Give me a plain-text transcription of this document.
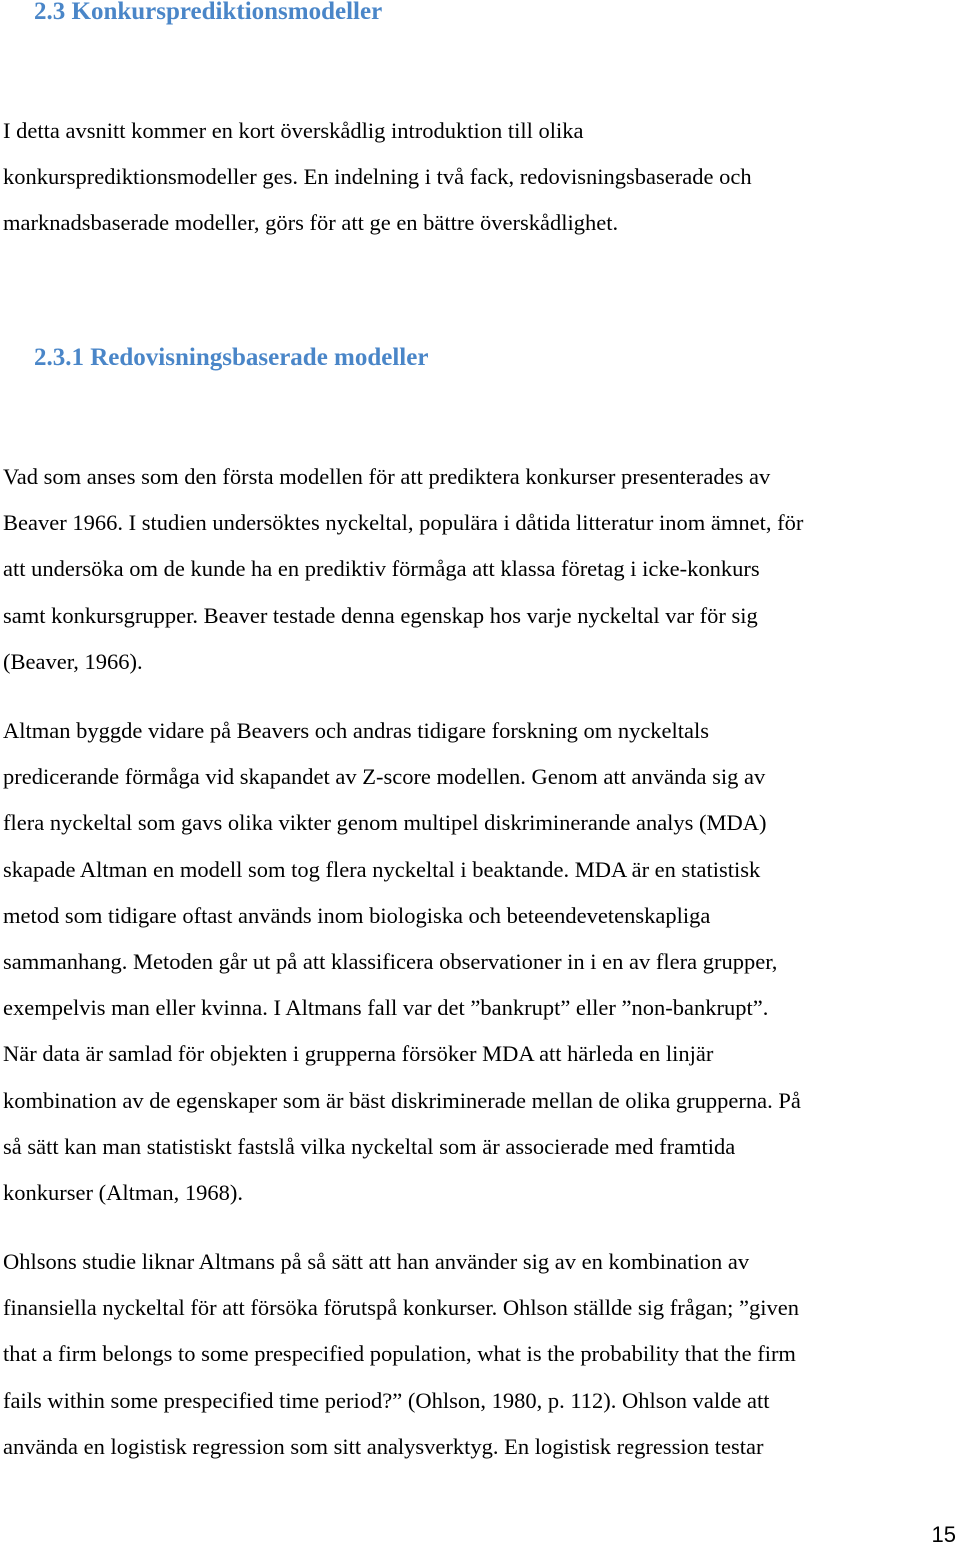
2.3 Konkursprediktionsmodeller

I detta avsnitt kommer en kort överskådlig introduktion till olika
konkursprediktionsmodeller ges. En indelning i två fack, redovisningsbaserade och
marknadsbaserade modeller, görs för att ge en bättre överskådlighet.

2.3.1 Redovisningsbaserade modeller

Vad som anses som den första modellen för att prediktera konkurser presenterades av
Beaver 1966. I studien undersöktes nyckeltal, populära i dåtida litteratur inom ämnet, för
att undersöka om de kunde ha en prediktiv förmåga att klassa företag i icke-konkurs
samt konkursgrupper. Beaver testade denna egenskap hos varje nyckeltal var för sig
(Beaver, 1966).

Altman byggde vidare på Beavers och andras tidigare forskning om nyckeltals
predicerande förmåga vid skapandet av Z-score modellen. Genom att använda sig av
flera nyckeltal som gavs olika vikter genom multipel diskriminerande analys (MDA)
skapade Altman en modell som tog flera nyckeltal i beaktande. MDA är en statistisk
metod som tidigare oftast används inom biologiska och beteendevetenskapliga
sammanhang. Metoden går ut på att klassificera observationer in i en av flera grupper,
exempelvis man eller kvinna. I Altmans fall var det ”bankrupt” eller ”non-bankrupt”.
När data är samlad för objekten i grupperna försöker MDA att härleda en linjär
kombination av de egenskaper som är bäst diskriminerade mellan de olika grupperna. På
så sätt kan man statistiskt fastslå vilka nyckeltal som är associerade med framtida
konkurser (Altman, 1968).

Ohlsons studie liknar Altmans på så sätt att han använder sig av en kombination av
finansiella nyckeltal för att försöka förutspå konkurser. Ohlson ställde sig frågan; ”given
that a firm belongs to some prespecified population, what is the probability that the firm
fails within some prespecified time period?” (Ohlson, 1980, p. 112). Ohlson valde att
använda en logistisk regression som sitt analysverktyg. En logistisk regression testar

15
